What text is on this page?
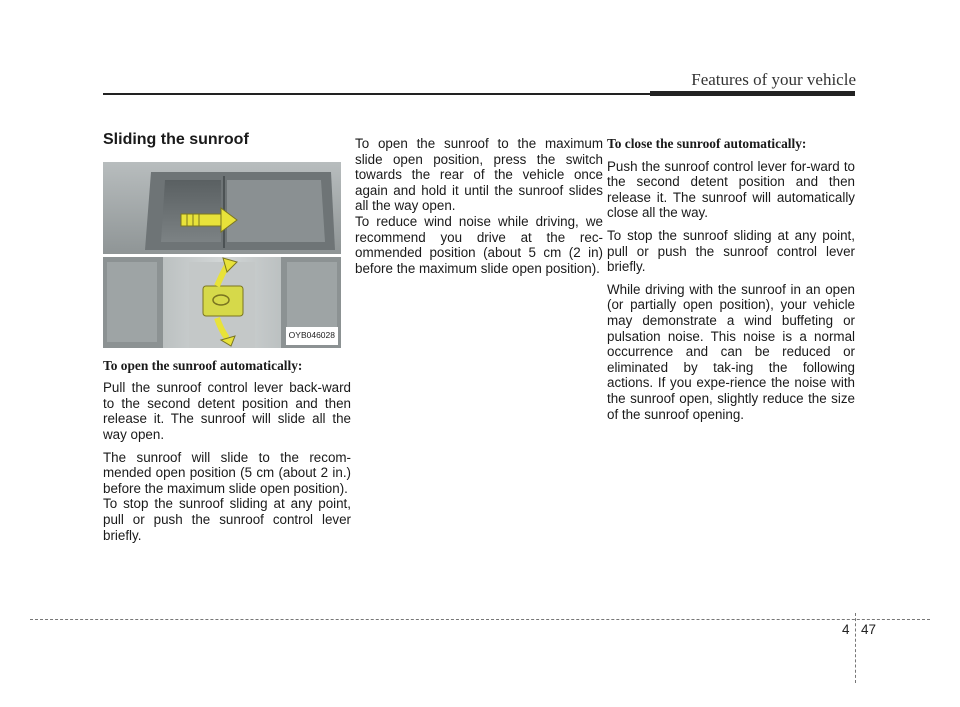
Features of your vehicle
Sliding the sunroof
OYB046028
To open the sunroof automatically:

Pull the sunroof control lever back-ward to the second detent position and then release it. The sunroof will slide all the way open.

The sunroof will slide to the recom-mended open position (5 cm (about 2 in.) before the maximum slide open position).

To stop the sunroof sliding at any point, pull or push the sunroof control lever briefly.

To open the sunroof to the maximum slide open position, press the switch towards the rear of the vehicle once again and hold it until the sunroof slides all the way open.

To reduce wind noise while driving, we recommend you drive at the rec-ommended position (about 5 cm (2 in) before the maximum slide open position).

To close the sunroof automatically:

Push the sunroof control lever for-ward to the second detent position and then release it. The sunroof will automatically close all the way.

To stop the sunroof sliding at any point, pull or push the sunroof control lever briefly.

While driving with the sunroof in an open (or partially open position), your vehicle may demonstrate a wind buffeting or pulsation noise. This noise is a normal occurrence and can be reduced or eliminated by tak-ing the following actions. If you expe-rience the noise with the sunroof open, slightly reduce the size of the sunroof opening.

4 47
